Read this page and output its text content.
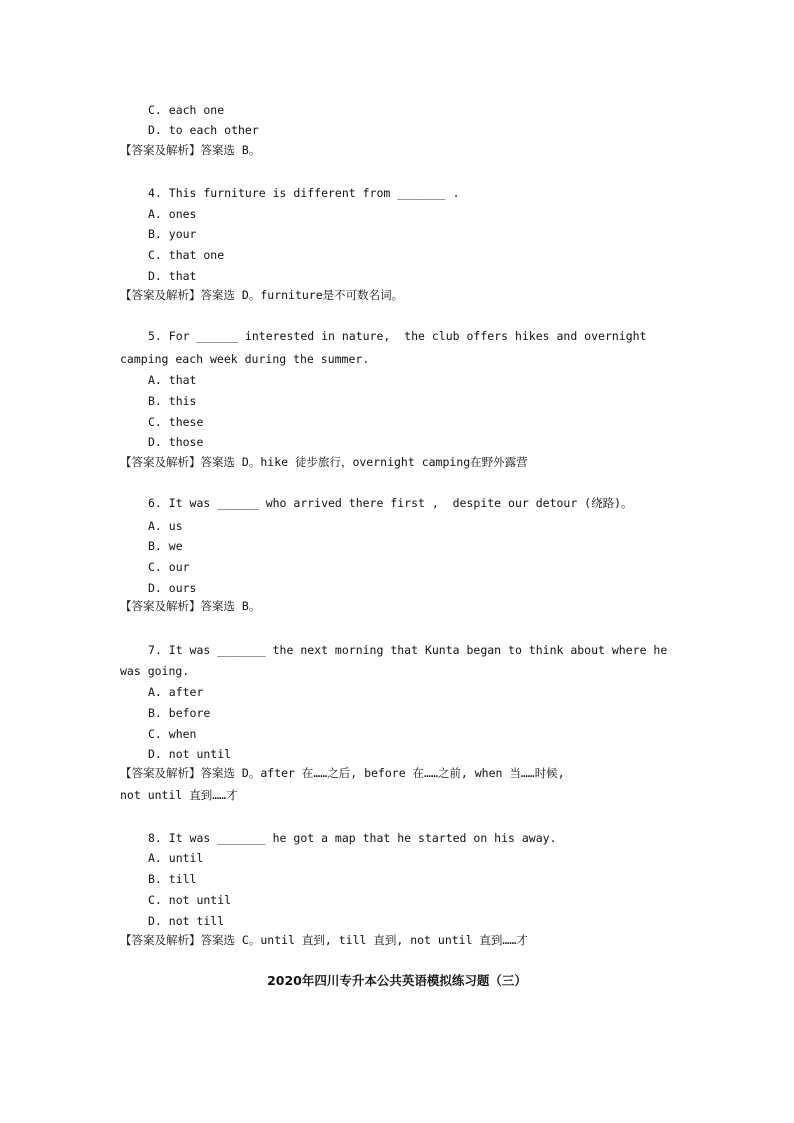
C. each one
D. to each other
【答案及解析】答案选 B。
4. This furniture is different from _______ .
A. ones
B. your
C. that one
D. that
【答案及解析】答案选 D。furniture是不可数名词。
5. For ______ interested in nature,  the club offers hikes and overnight
camping each week during the summer.
A. that
B. this
C. these
D. those
【答案及解析】答案选 D。hike 徒步旅行，overnight camping在野外露营
6. It was ______ who arrived there first ,  despite our detour (绕路)。
A. us
B. we
C. our
D. ours
【答案及解析】答案选 B。
7. It was _______ the next morning that Kunta began to think about where he
was going.
A. after
B. before
C. when
D. not until
【答案及解析】答案选 D。after 在……之后, before 在……之前, when 当……时候,
not until 直到……才
8. It was _______ he got a map that he started on his away.
A. until
B. till
C. not until
D. not till
【答案及解析】答案选 C。until 直到, till 直到, not until 直到……才
2020年四川专升本公共英语模拟练习题（三）
